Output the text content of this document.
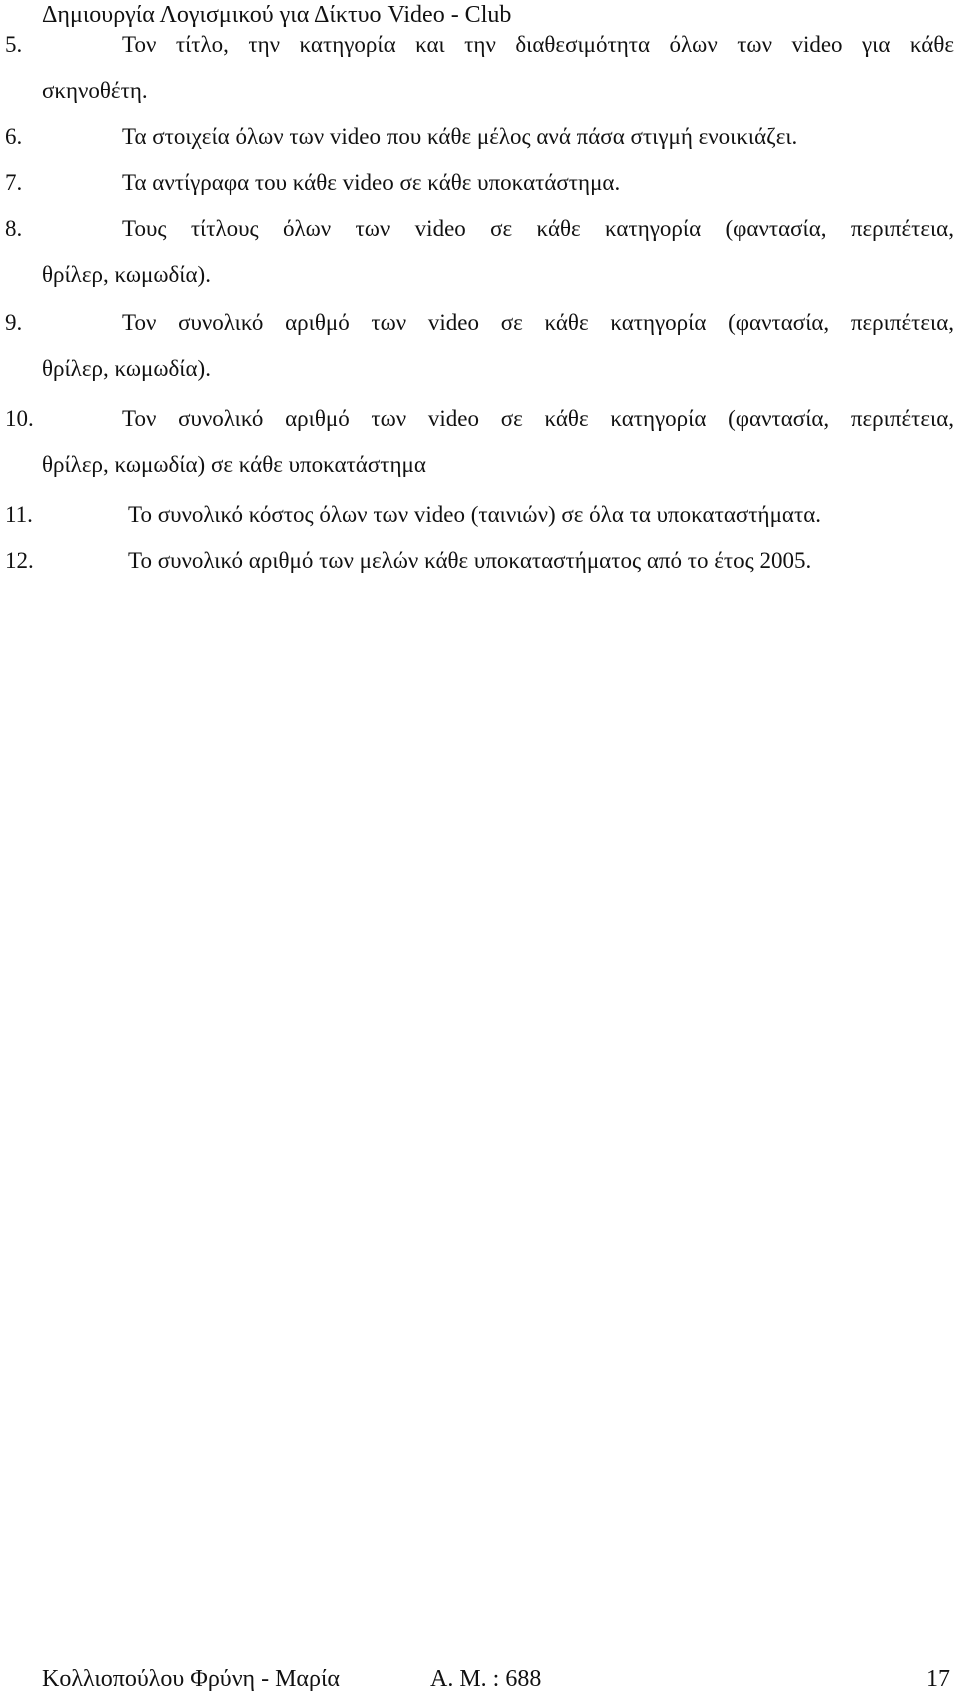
Δημιουργία Λογισμικού για Δίκτυο Video - Club
5.	Τον τίτλο, την κατηγορία και την διαθεσιμότητα όλων των video για κάθε
σκηνοθέτη.
6.	Τα στοιχεία όλων των video που κάθε μέλος ανά πάσα στιγμή ενοικιάζει.
7.	Τα αντίγραφα του κάθε video σε κάθε υποκατάστημα.
8.	Τους τίτλους όλων των video σε κάθε κατηγορία (φαντασία, περιπέτεια,
θρίλερ, κωμωδία).
9.	Τον συνολικό αριθμό των video σε κάθε κατηγορία (φαντασία, περιπέτεια,
θρίλερ, κωμωδία).
10.	Τον συνολικό αριθμό των video σε κάθε κατηγορία (φαντασία, περιπέτεια,
θρίλερ, κωμωδία) σε κάθε υποκατάστημα
11.	Το συνολικό κόστος όλων των video (ταινιών) σε όλα τα υποκαταστήματα.
12.	Το συνολικό αριθμό των μελών κάθε υποκαταστήματος από το έτος 2005.
Κολλιοπούλου Φρύνη - Μαρία	Α. Μ. : 688	17
